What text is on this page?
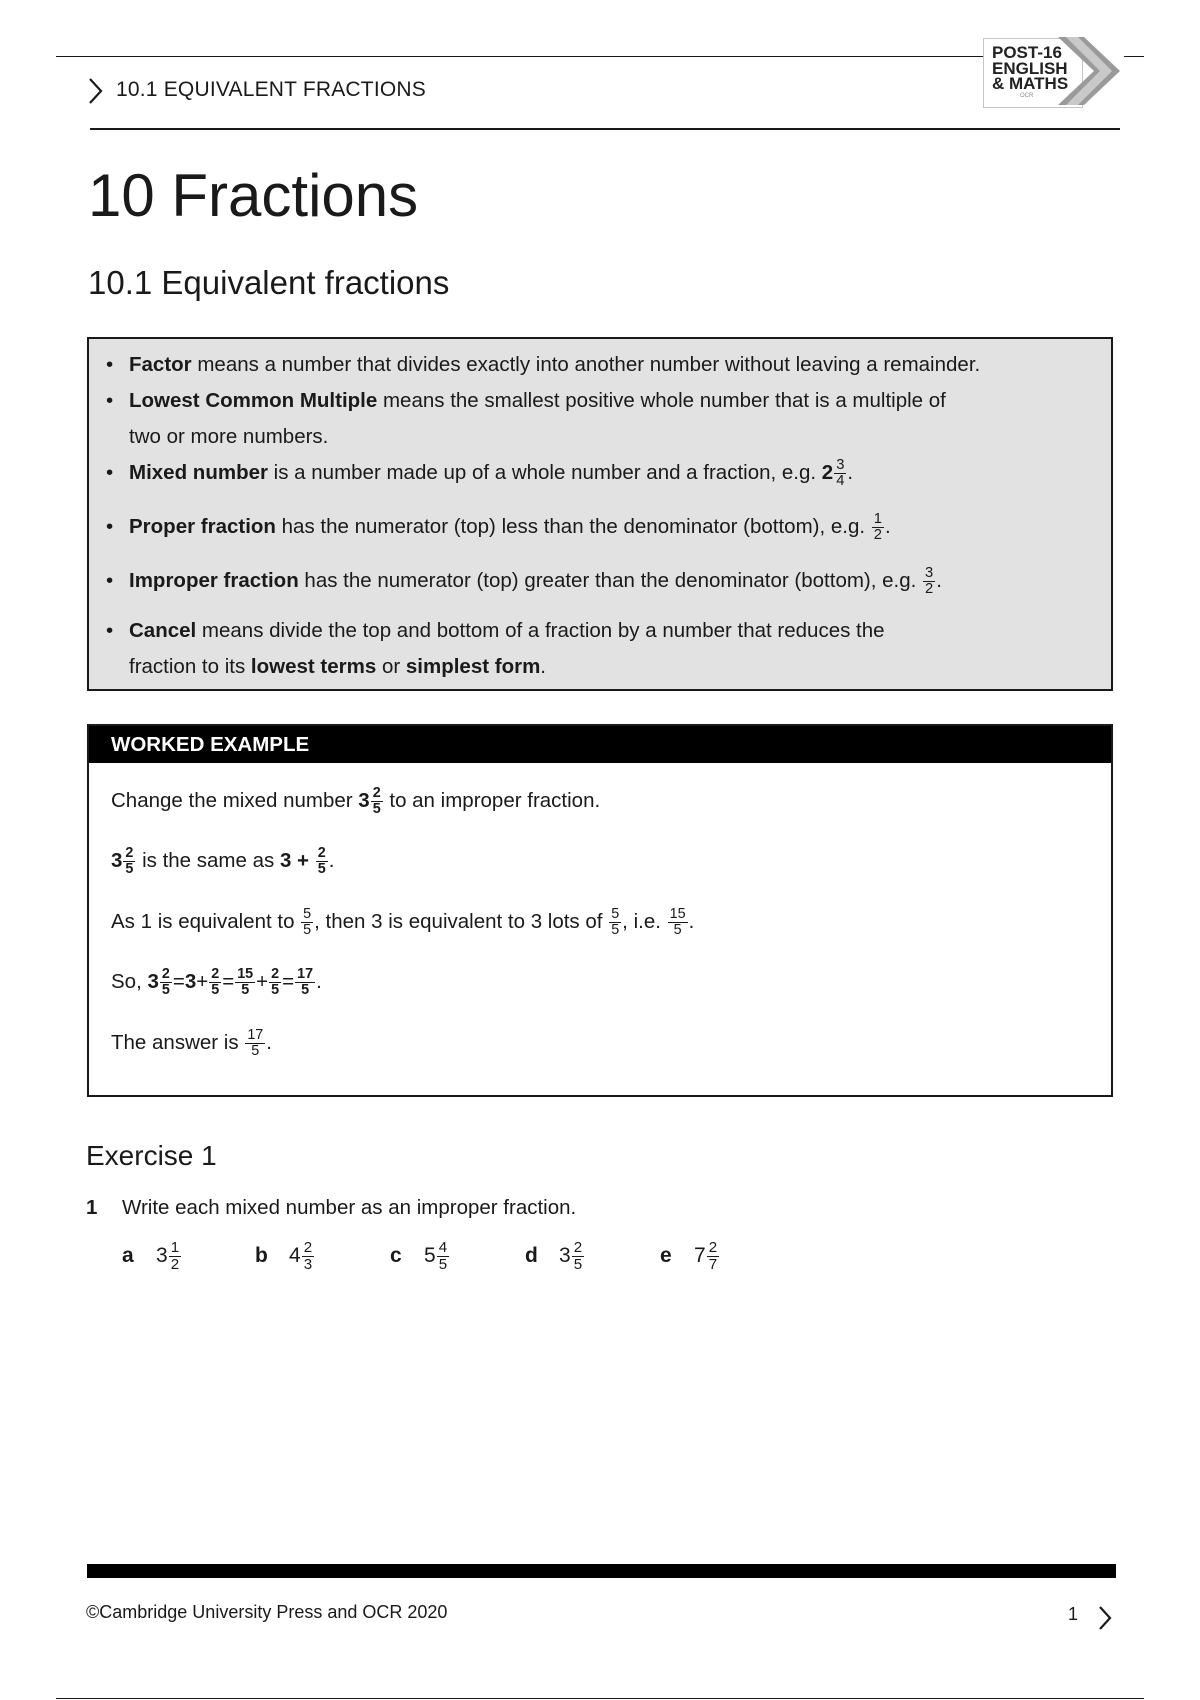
10.1 EQUIVALENT FRACTIONS
POST-16
ENGLISH
& MATHS
OCR
10 Fractions
10.1 Equivalent fractions
• Factor means a number that divides exactly into another number without leaving a remainder.
• Lowest Common Multiple means the smallest positive whole number that is a multiple of
two or more numbers.
• Mixed number is a number made up of a whole number and a fraction, e.g. $2 \frac{3}{4}$ .
• Proper fraction has the numerator (top) less than the denominator (bottom), e.g. $\frac{1}{2}$ .
• Improper fraction has the numerator (top) greater than the denominator (bottom), e.g. $\frac{3}{2}$ .
• Cancel means divide the top and bottom of a fraction by a number that reduces the
fraction to its lowest terms or simplest form.
WORKED EXAMPLE
Change the mixed number $3 \frac{2}{5}$ to an improper fraction.
$3 \frac{2}{5}$ is the same as $3 + \frac{2}{5}$ .
As 1 is equivalent to $\frac{5}{5}$ , then 3 is equivalent to 3 lots of $\frac{5}{5}$ , i.e. $\frac{15}{5}$ .
So, $3 \frac{2}{5} =3+ \frac{2}{5} = \frac{15}{5} + \frac{2}{5} = \frac{17}{5}$ .
The answer is $\frac{17}{5}$ .
Exercise 1
1 Write each mixed number as an improper fraction.
a $3 \frac{1}{2}$	b $4 \frac{2}{3}$	c $5 \frac{4}{5}$	d $3 \frac{2}{5}$	e $7 \frac{2}{7}$
©Cambridge University Press and OCR 2020	1
